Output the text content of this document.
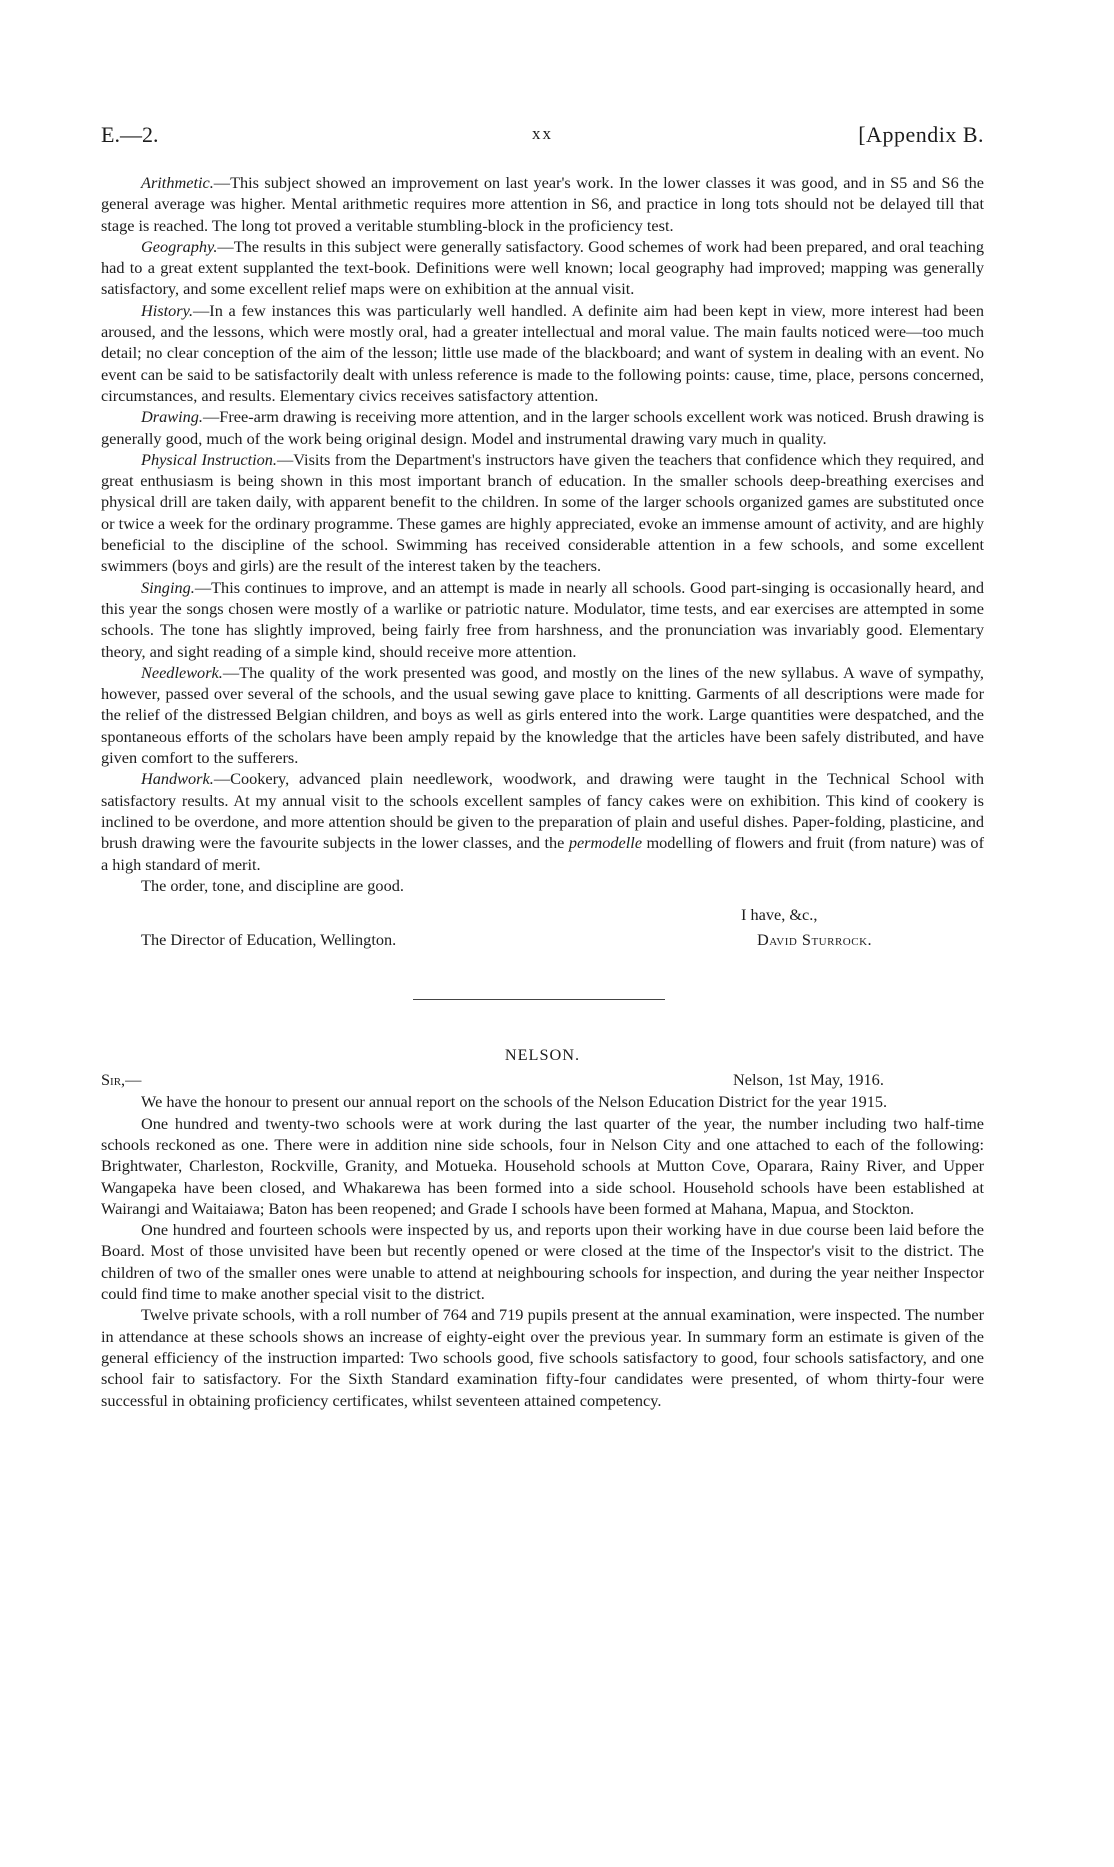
E.—2.	xx	[Appendix B.

Arithmetic.—This subject showed an improvement on last year's work. In the lower classes it was good, and in S5 and S6 the general average was higher. Mental arithmetic requires more attention in S6, and practice in long tots should not be delayed till that stage is reached. The long tot proved a veritable stumbling-block in the proficiency test.

Geography.—The results in this subject were generally satisfactory. Good schemes of work had been prepared, and oral teaching had to a great extent supplanted the text-book. Definitions were well known; local geography had improved; mapping was generally satisfactory, and some excellent relief maps were on exhibition at the annual visit.

History.—In a few instances this was particularly well handled. A definite aim had been kept in view, more interest had been aroused, and the lessons, which were mostly oral, had a greater intellectual and moral value. The main faults noticed were—too much detail; no clear conception of the aim of the lesson; little use made of the blackboard; and want of system in dealing with an event. No event can be said to be satisfactorily dealt with unless reference is made to the following points: cause, time, place, persons concerned, circumstances, and results. Elementary civics receives satisfactory attention.

Drawing.—Free-arm drawing is receiving more attention, and in the larger schools excellent work was noticed. Brush drawing is generally good, much of the work being original design. Model and instrumental drawing vary much in quality.

Physical Instruction.—Visits from the Department's instructors have given the teachers that confidence which they required, and great enthusiasm is being shown in this most important branch of education. In the smaller schools deep-breathing exercises and physical drill are taken daily, with apparent benefit to the children. In some of the larger schools organized games are substituted once or twice a week for the ordinary programme. These games are highly appreciated, evoke an immense amount of activity, and are highly beneficial to the discipline of the school. Swimming has received considerable attention in a few schools, and some excellent swimmers (boys and girls) are the result of the interest taken by the teachers.

Singing.—This continues to improve, and an attempt is made in nearly all schools. Good part-singing is occasionally heard, and this year the songs chosen were mostly of a warlike or patriotic nature. Modulator, time tests, and ear exercises are attempted in some schools. The tone has slightly improved, being fairly free from harshness, and the pronunciation was invariably good. Elementary theory, and sight reading of a simple kind, should receive more attention.

Needlework.—The quality of the work presented was good, and mostly on the lines of the new syllabus. A wave of sympathy, however, passed over several of the schools, and the usual sewing gave place to knitting. Garments of all descriptions were made for the relief of the distressed Belgian children, and boys as well as girls entered into the work. Large quantities were despatched, and the spontaneous efforts of the scholars have been amply repaid by the knowledge that the articles have been safely distributed, and have given comfort to the sufferers.

Handwork.—Cookery, advanced plain needlework, woodwork, and drawing were taught in the Technical School with satisfactory results. At my annual visit to the schools excellent samples of fancy cakes were on exhibition. This kind of cookery is inclined to be overdone, and more attention should be given to the preparation of plain and useful dishes. Paper-folding, plasticine, and brush drawing were the favourite subjects in the lower classes, and the permodelle modelling of flowers and fruit (from nature) was of a high standard of merit.

The order, tone, and discipline are good.

I have, &c.,
The Director of Education, Wellington.	David Sturrock.
NELSON.
Sir,—	Nelson, 1st May, 1916.

We have the honour to present our annual report on the schools of the Nelson Education District for the year 1915.

One hundred and twenty-two schools were at work during the last quarter of the year, the number including two half-time schools reckoned as one. There were in addition nine side schools, four in Nelson City and one attached to each of the following: Brightwater, Charleston, Rockville, Granity, and Motueka. Household schools at Mutton Cove, Oparara, Rainy River, and Upper Wangapeka have been closed, and Whakarewa has been formed into a side school. Household schools have been established at Wairangi and Waitaiawa; Baton has been reopened; and Grade I schools have been formed at Mahana, Mapua, and Stockton.

One hundred and fourteen schools were inspected by us, and reports upon their working have in due course been laid before the Board. Most of those unvisited have been but recently opened or were closed at the time of the Inspector's visit to the district. The children of two of the smaller ones were unable to attend at neighbouring schools for inspection, and during the year neither Inspector could find time to make another special visit to the district.

Twelve private schools, with a roll number of 764 and 719 pupils present at the annual examination, were inspected. The number in attendance at these schools shows an increase of eighty-eight over the previous year. In summary form an estimate is given of the general efficiency of the instruction imparted: Two schools good, five schools satisfactory to good, four schools satisfactory, and one school fair to satisfactory. For the Sixth Standard examination fifty-four candidates were presented, of whom thirty-four were successful in obtaining proficiency certificates, whilst seventeen attained competency.
